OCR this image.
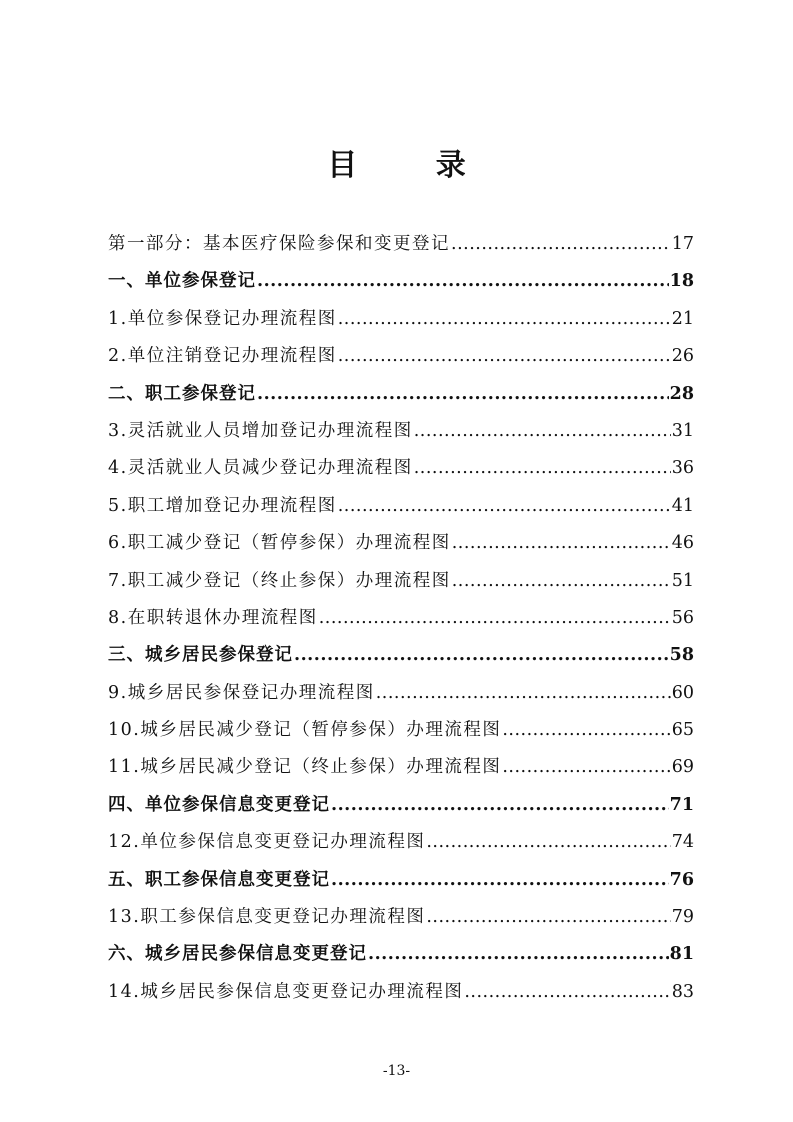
目 录
第一部分：基本医疗保险参保和变更登记 .....	17
一、单位参保登记 .....	18
1.单位参保登记办理流程图 .....	21
2.单位注销登记办理流程图 .....	26
二、职工参保登记 .....	28
3.灵活就业人员增加登记办理流程图 .....	31
4.灵活就业人员减少登记办理流程图 .....	36
5.职工增加登记办理流程图 .....	41
6.职工减少登记（暂停参保）办理流程图 .....	46
7.职工减少登记（终止参保）办理流程图 .....	51
8.在职转退休办理流程图 .....	56
三、城乡居民参保登记 .....	58
9.城乡居民参保登记办理流程图 .....	60
10.城乡居民减少登记（暂停参保）办理流程图 .....	65
11.城乡居民减少登记（终止参保）办理流程图 .....	69
四、单位参保信息变更登记 .....	71
12.单位参保信息变更登记办理流程图 .....	74
五、职工参保信息变更登记 .....	76
13.职工参保信息变更登记办理流程图 .....	79
六、城乡居民参保信息变更登记 .....	81
14.城乡居民参保信息变更登记办理流程图 .....	83
-13-
